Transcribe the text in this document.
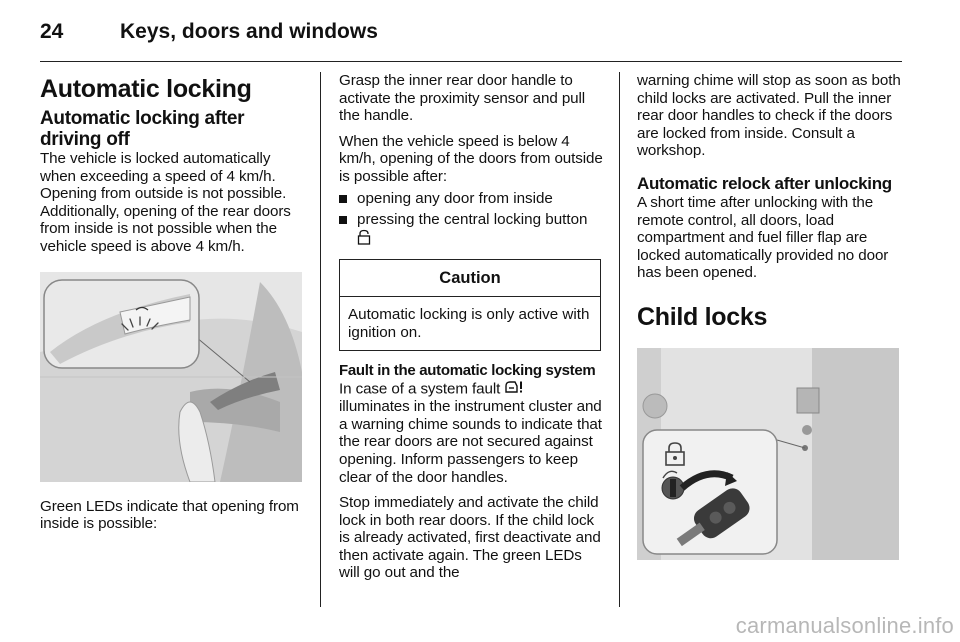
24	Keys, doors and windows
Automatic locking
Automatic locking after driving off
The vehicle is locked automatically when exceeding a speed of 4 km/h. Opening from outside is not possible. Additionally, opening of the rear doors from inside is not possible when the vehicle speed is above 4 km/h.
Green LEDs indicate that opening from inside is possible:
Grasp the inner rear door handle to activate the proximity sensor and pull the handle.
When the vehicle speed is below 4 km/h, opening of the doors from outside is possible after:
opening any door from inside
pressing the central locking button

Caution
Automatic locking is only active with ignition on.
Fault in the automatic locking system
In case of a system fault
illuminates in the instrument cluster and a warning chime sounds to indicate that the rear doors are not secured against opening. Inform passengers to keep clear of the door handles.
Stop immediately and activate the child lock in both rear doors. If the child lock is already activated, first deactivate and then activate again. The green LEDs will go out and the
warning chime will stop as soon as both child locks are activated. Pull the inner rear door handles to check if the doors are locked from inside. Consult a workshop.
Automatic relock after unlocking
A short time after unlocking with the remote control, all doors, load compartment and fuel filler flap are locked automatically provided no door has been opened.
Child locks
carmanualsonline.info
